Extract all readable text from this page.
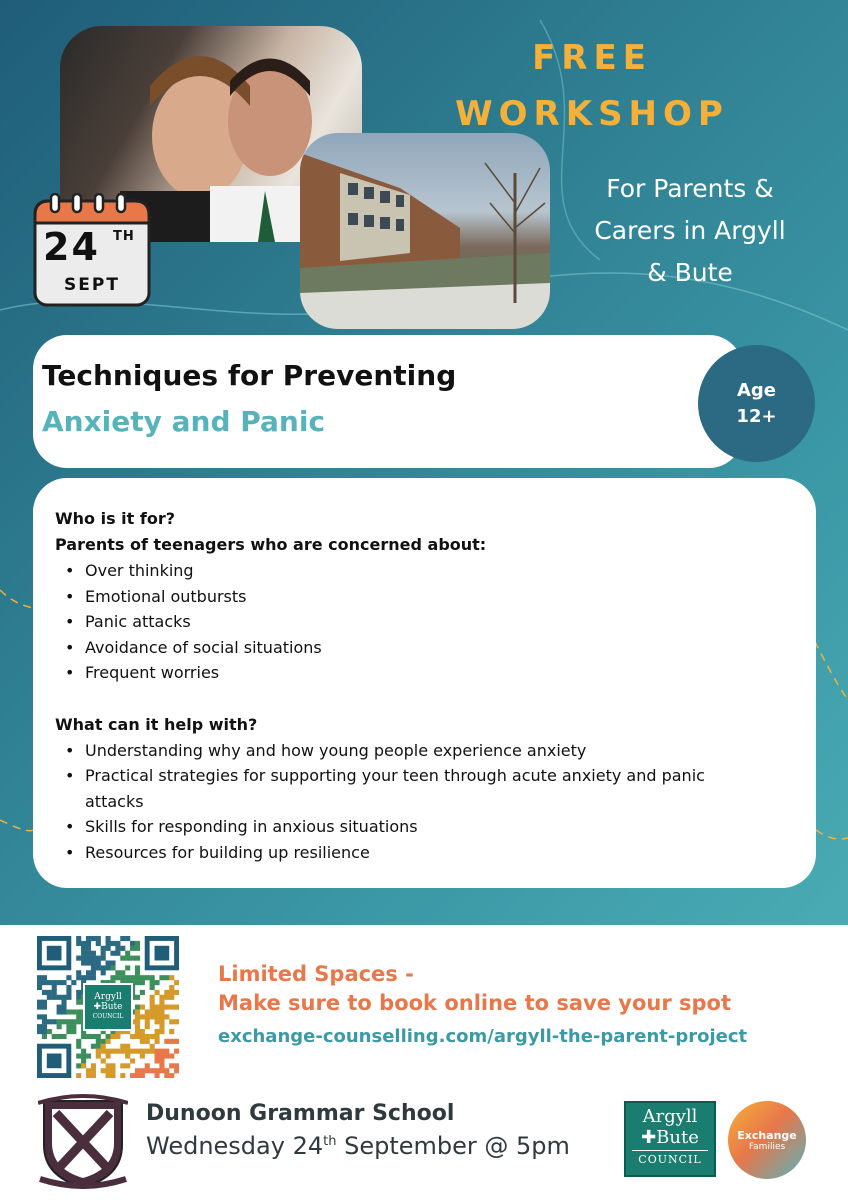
24 TH
SEPT
FREE
WORKSHOP
For Parents &
Carers in Argyll
& Bute
Techniques for Preventing
Anxiety and Panic
Age
12+
Who is it for?
Parents of teenagers who are concerned about:
• Over thinking
• Emotional outbursts
• Panic attacks
• Avoidance of social situations
• Frequent worries
What can it help with?
• Understanding why and how young people experience anxiety
• Practical strategies for supporting your teen through acute anxiety and panic attacks
• Skills for responding in anxious situations
• Resources for building up resilience
Argyll
✚Bute
COUNCIL
Limited Spaces -
Make sure to book online to save your spot
exchange-counselling.com/argyll-the-parent-project
Dunoon Grammar School
Wednesday 24th September @ 5pm
Argyll
✚Bute
COUNCIL
Exchange
Families
